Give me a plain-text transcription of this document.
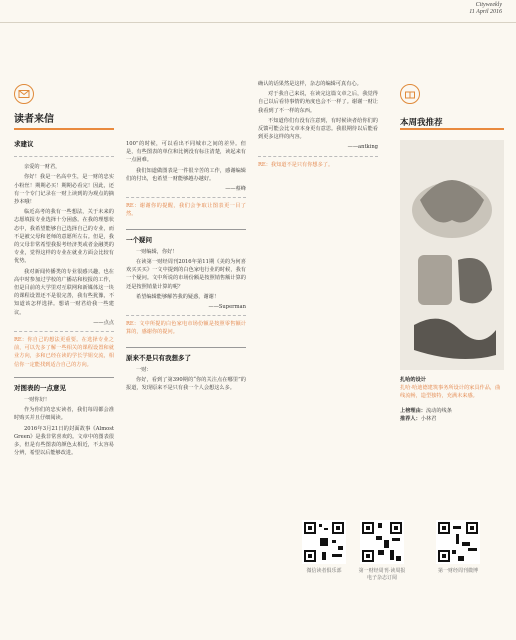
Cityweekly
11 April 2016
读者来信	本周我推荐

求建议

亲爱的一财君，

你好！我是一名高中生，是一财的忠实小粉丝！期期必买！期期必看完！因此，还有一个专门记录在一财上读到的为观点的摘抄本哦！

临近高考的我有一些想法，关于未来的志愿填报专业选择十分困惑。在我的理想状态中，我希望能够自己选择自己的专业，而不是被父母和老师的意愿所左右。但是，我的父母非常希望我报考经济类或者金融类的专业，觉得这样的专业在就业方面会比较有优势。

我对新闻传播类的专业很感兴趣，也在高中时参加过学校的广播站和校报的工作，但是目前的大学里对互联网和新媒体这一块的课程设置还不是很完善，我有些犹豫，不知道该怎样选择。想请一财君给我一些建议。

——点点

RE：你自己的想法更重要。在选择专业之前，可以先多了解一些相关的课程设置和就业方向，多和已经在读的学长学姐交流，相信你一定能找到适合自己的方向。

对图表的一点意见

一财你好！

作为你们的忠实读者，我们每周都会准时购买并且仔细阅读。

2016年3月21日的封面故事《Almost Green》是我非常喜欢的。文章中的图表很多，但是有些图表的颜色太相近，不太容易分辨，希望以后能够改进。

100”的时候，可以看出不同城市之间的差异。但是，有些图表的单位和比例没有标注清楚，读起来有一点困难。

我们知道做图表是一件很辛苦的工作，感谢编辑们的付出，也希望一财能够越办越好。

——蔡峰

RE：谢谢你的提醒，我们会争取让图表更一目了然。

一个疑问

一财编辑，你好！

在读第一财经周刊2016年第11期《美的为何喜欢买买买》一文中提到的白色家电行业的时候，我有一个疑问。文中所说的市场份额是按照销售额计算的还是按照销量计算的呢？

希望编辑能够解答我的疑惑，谢谢！

——Superman

RE：文中所提的白色家电市场份额是按照零售额计算的，感谢你的提问。

原来不是只有我想多了

一财：

你好，看到了第390期的“你的关注点在哪里”的报道，发现原来不是只有我一个人会想这么多。

确认的话果然是这样，杂志的编辑可真有心。

对于我自己来说，在读完这篇文章之后，我觉得自己以后看待事情的角度也会不一样了。谢谢一财让我看到了不一样的东西。

不知道你们有没有注意到，有时候读者给你们的反馈可能会比文章本身更有意思。我很期待以后能看到更多这样的内容。

——antking

RE：我知道不是只有你想多了。

扎哈的设计
扎哈·哈迪德建筑事务所设计的家具作品，曲线流畅，造型独特，充满未来感。
上榜理由：流动的线条
推荐人：小林君
微信读者俱乐部	第一财经周刊·读周报
电子杂志订阅
第一财经周刊微博
